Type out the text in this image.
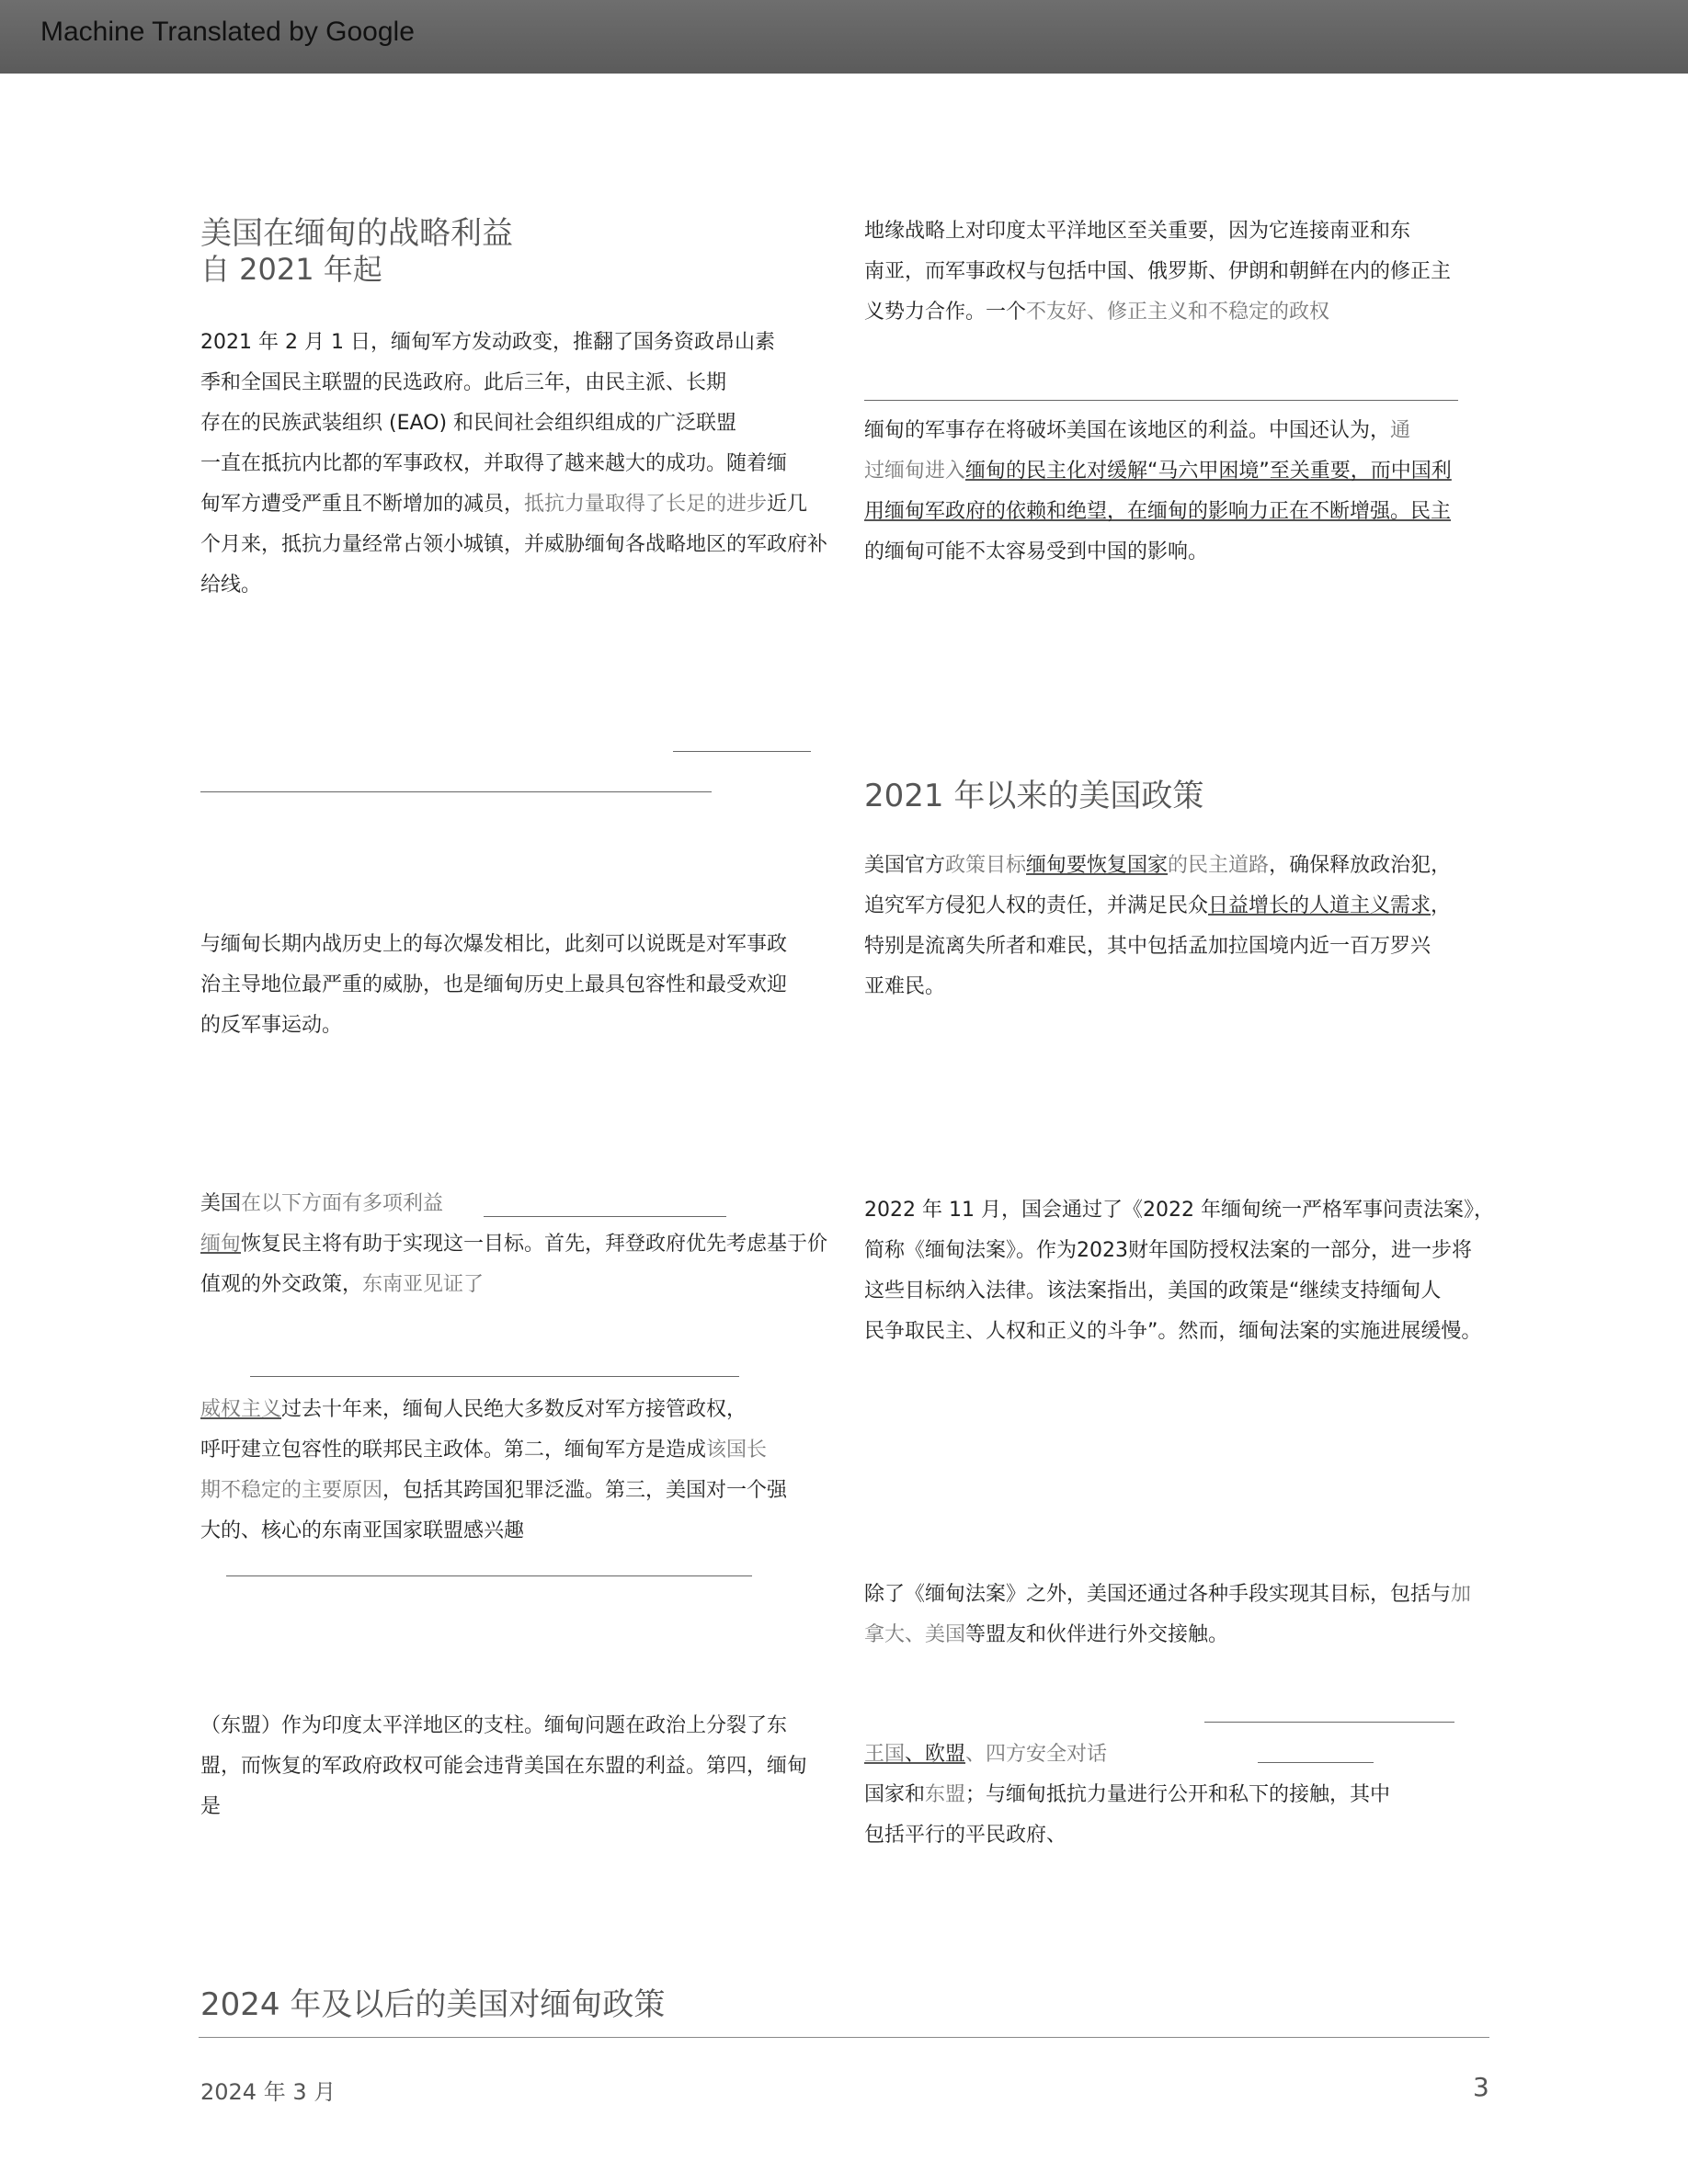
Machine Translated by Google
美国在缅甸的战略利益
自 2021 年起
2021 年 2 月 1 日，缅甸军方发动政变，推翻了国务资政昂山素
季和全国民主联盟的民选政府。此后三年，由民主派、长期
存在的民族武装组织 (EAO) 和民间社会组织组成的广泛联盟
一直在抵抗内比都的军事政权，并取得了越来越大的成功。随着缅
甸军方遭受严重且不断增加的减员，抵抗力量取得了长足的进步近几
个月来，抵抗力量经常占领小城镇，并威胁缅甸各战略地区的军政府补
给线。
与缅甸长期内战历史上的每次爆发相比，此刻可以说既是对军事政
治主导地位最严重的威胁，也是缅甸历史上最具包容性和最受欢迎
的反军事运动。
美国在以下方面有多项利益
缅甸恢复民主将有助于实现这一目标。首先，拜登政府优先考虑基于价
值观的外交政策，东南亚见证了
威权主义过去十年来，缅甸人民绝大多数反对军方接管政权，
呼吁建立包容性的联邦民主政体。第二，缅甸军方是造成该国长
期不稳定的主要原因，包括其跨国犯罪泛滥。第三，美国对一个强
大的、核心的东南亚国家联盟感兴趣
（东盟）作为印度太平洋地区的支柱。缅甸问题在政治上分裂了东
盟，而恢复的军政府政权可能会违背美国在东盟的利益。第四，缅甸
是
地缘战略上对印度太平洋地区至关重要，因为它连接南亚和东
南亚，而军事政权与包括中国、俄罗斯、伊朗和朝鲜在内的修正主
义势力合作。一个不友好、修正主义和不稳定的政权
缅甸的军事存在将破坏美国在该地区的利益。中国还认为，通
过缅甸进入缅甸的民主化对缓解“马六甲困境”至关重要，而中国利
用缅甸军政府的依赖和绝望，在缅甸的影响力正在不断增强。民主
的缅甸可能不太容易受到中国的影响。
2021 年以来的美国政策
美国官方政策目标缅甸要恢复国家的民主道路，确保释放政治犯，
追究军方侵犯人权的责任，并满足民众日益增长的人道主义需求，
特别是流离失所者和难民，其中包括孟加拉国境内近一百万罗兴
亚难民。
2022 年 11 月，国会通过了《2022 年缅甸统一严格军事问责法案》，
简称《缅甸法案》。作为2023财年国防授权法案的一部分，进一步将
这些目标纳入法律。该法案指出，美国的政策是“继续支持缅甸人
民争取民主、人权和正义的斗争”。然而，缅甸法案的实施进展缓慢。
除了《缅甸法案》之外，美国还通过各种手段实现其目标，包括与加
拿大、美国等盟友和伙伴进行外交接触。
王国、欧盟、四方安全对话
国家和东盟；与缅甸抵抗力量进行公开和私下的接触，其中
包括平行的平民政府、
2024 年及以后的美国对缅甸政策
2024 年 3 月	3
